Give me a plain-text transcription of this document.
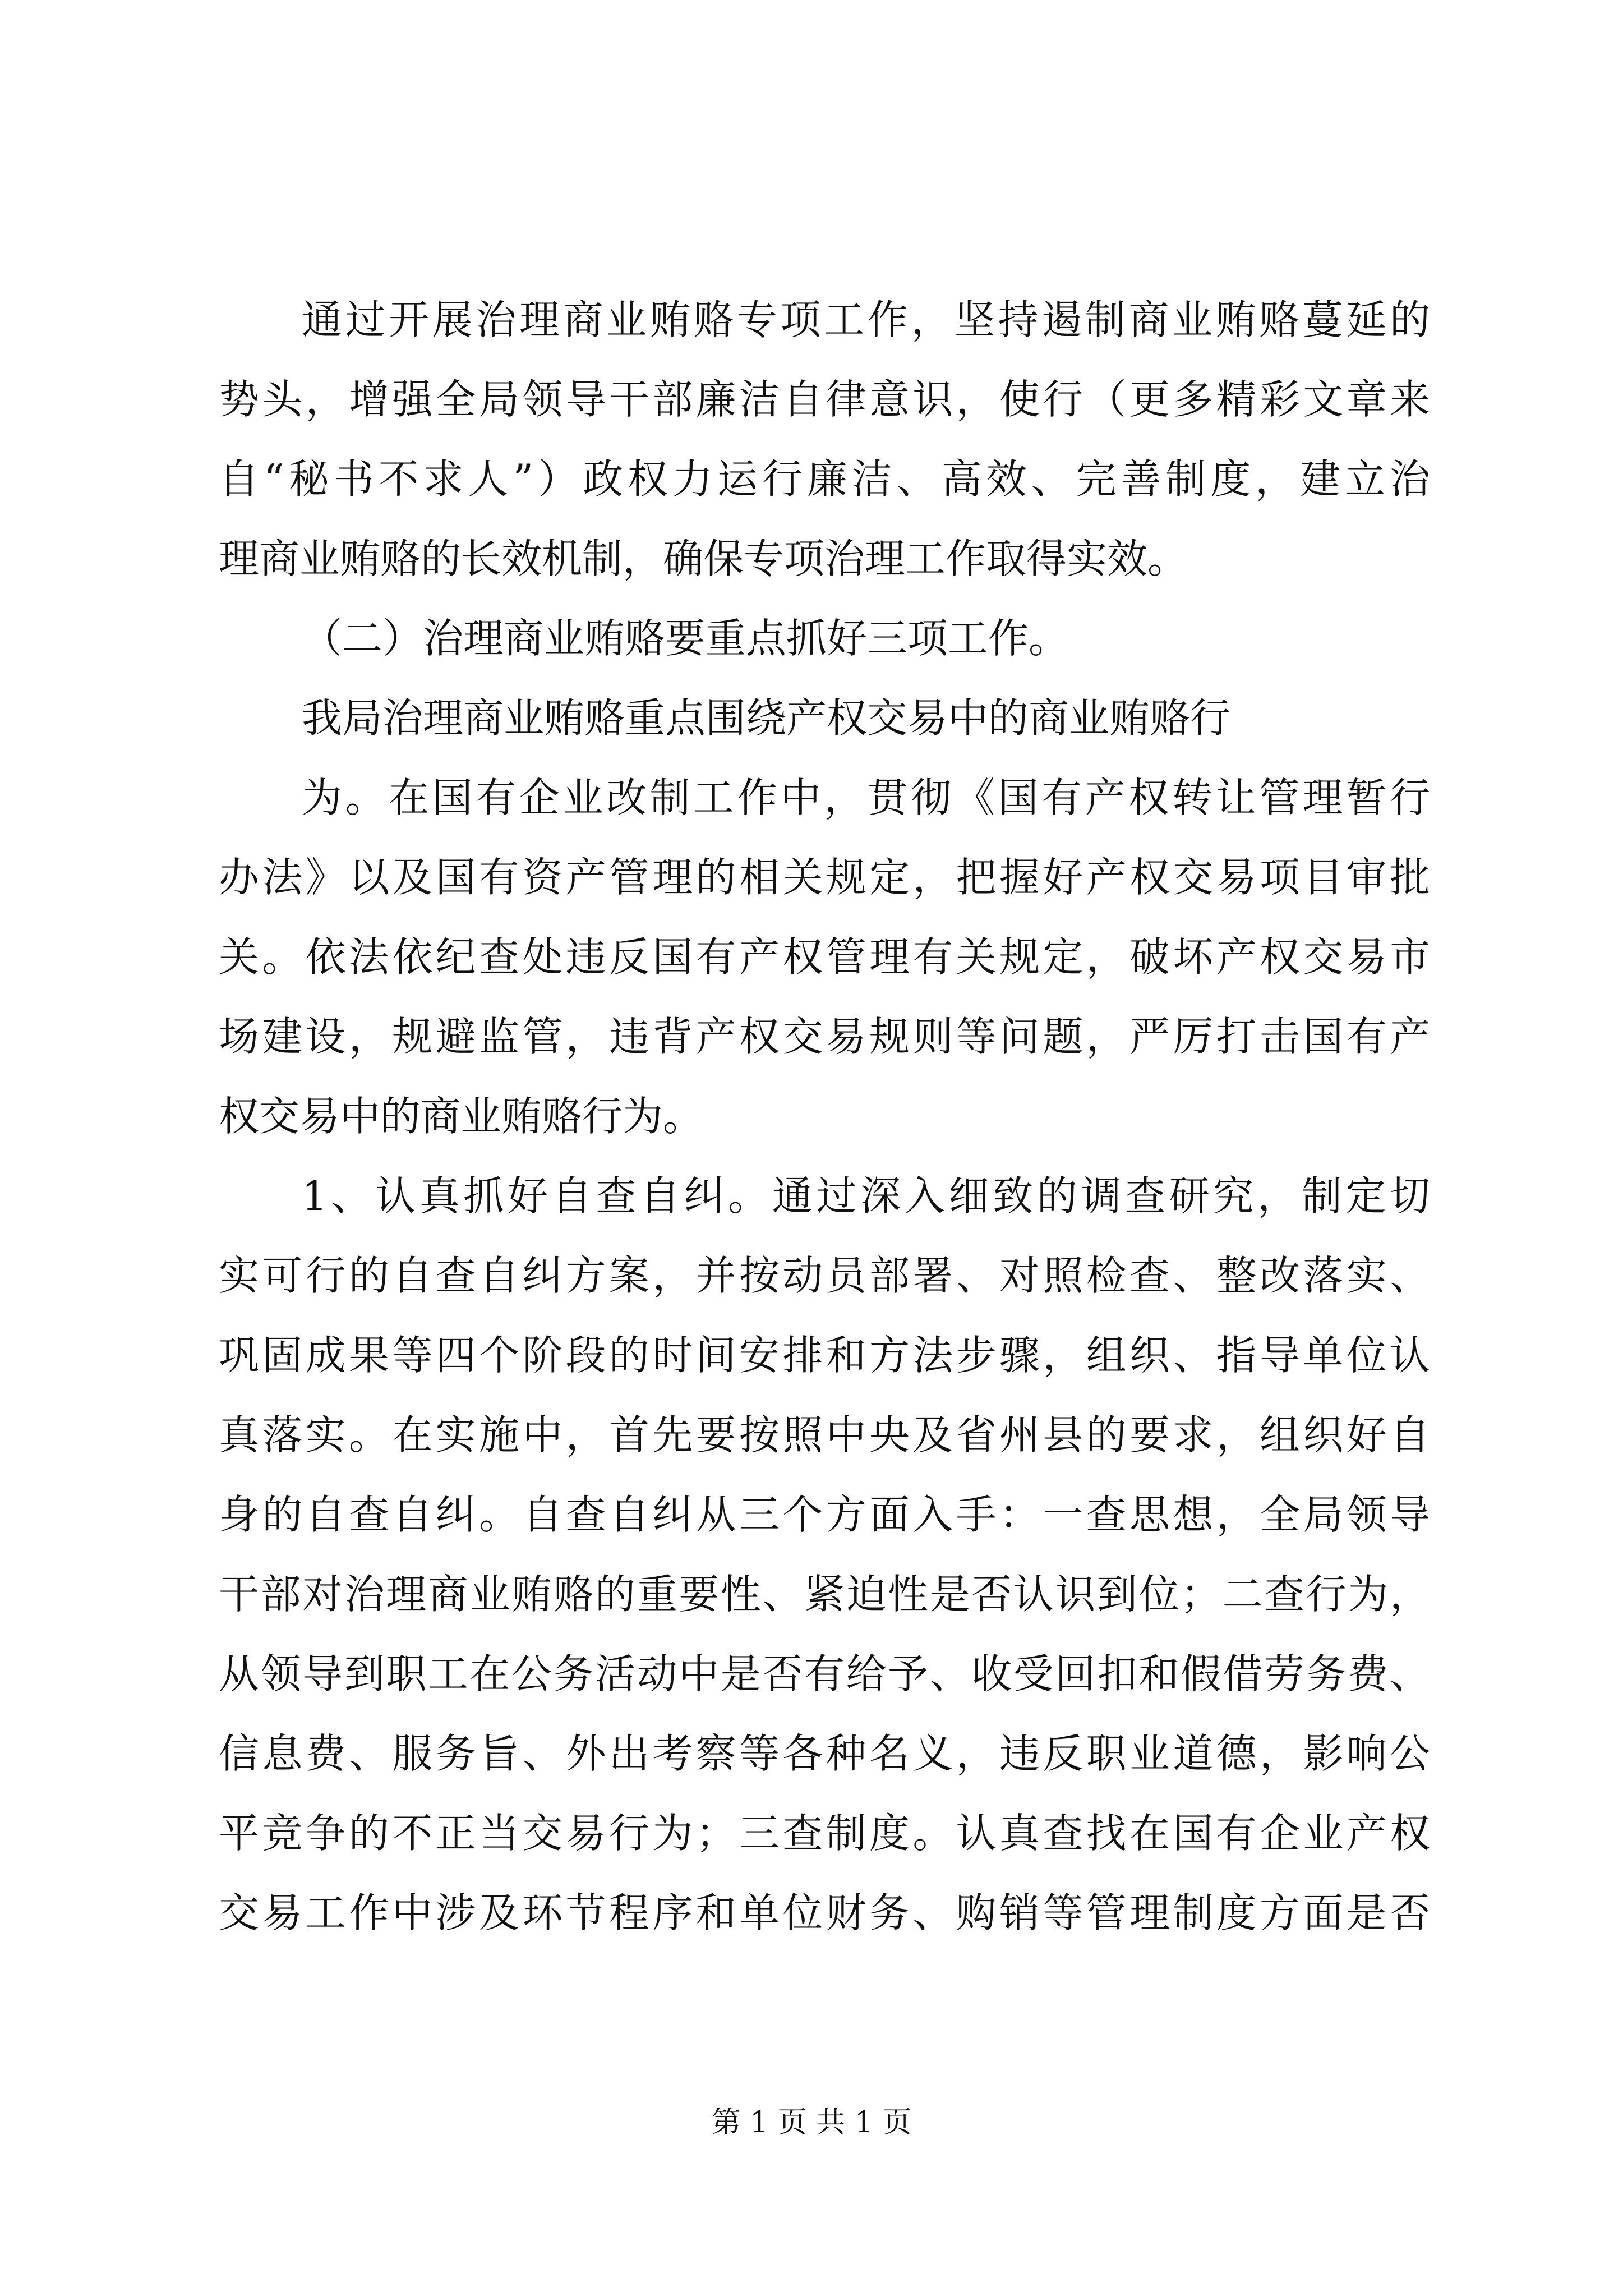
通过开展治理商业贿赂专项工作，坚持遏制商业贿赂蔓延的
势头，增强全局领导干部廉洁自律意识，使行（更多精彩文章来
自“秘书不求人”）政权力运行廉洁、高效、完善制度，建立治
理商业贿赂的长效机制，确保专项治理工作取得实效。
（二）治理商业贿赂要重点抓好三项工作。
我局治理商业贿赂重点围绕产权交易中的商业贿赂行
为。在国有企业改制工作中，贯彻《国有产权转让管理暂行
办法》以及国有资产管理的相关规定，把握好产权交易项目审批
关。依法依纪查处违反国有产权管理有关规定，破坏产权交易市
场建设，规避监管，违背产权交易规则等问题，严厉打击国有产
权交易中的商业贿赂行为。
1、认真抓好自查自纠。通过深入细致的调查研究，制定切
实可行的自查自纠方案，并按动员部署、对照检查、整改落实、
巩固成果等四个阶段的时间安排和方法步骤，组织、指导单位认
真落实。在实施中，首先要按照中央及省州县的要求，组织好自
身的自查自纠。自查自纠从三个方面入手：一查思想，全局领导
干部对治理商业贿赂的重要性、紧迫性是否认识到位；二查行为，
从领导到职工在公务活动中是否有给予、收受回扣和假借劳务费、
信息费、服务旨、外出考察等各种名义，违反职业道德，影响公
平竞争的不正当交易行为；三查制度。认真查找在国有企业产权
交易工作中涉及环节程序和单位财务、购销等管理制度方面是否
第 1 页 共 1 页
